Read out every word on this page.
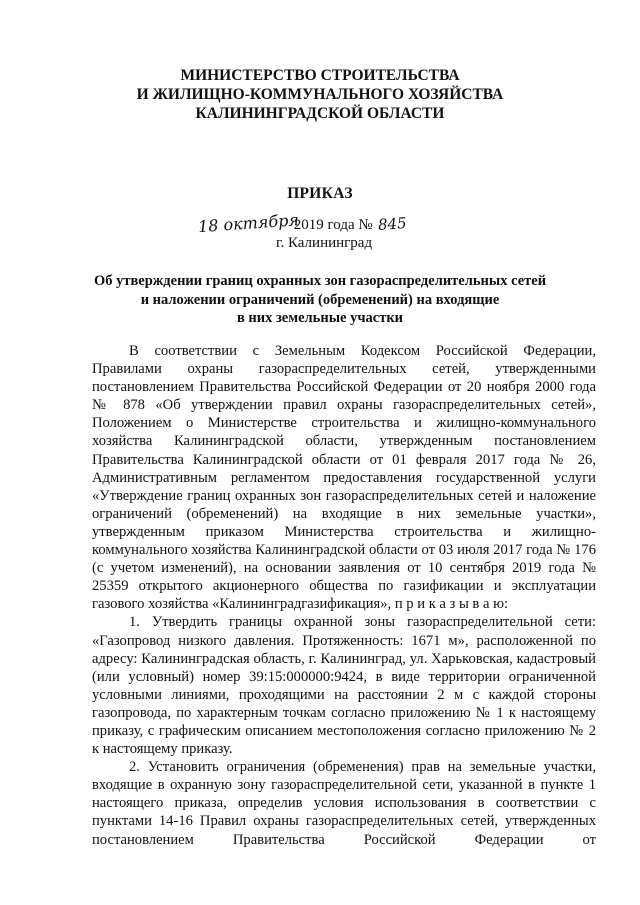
МИНИСТЕРСТВО СТРОИТЕЛЬСТВА
И ЖИЛИЩНО-КОММУНАЛЬНОГО ХОЗЯЙСТВА
КАЛИНИНГРАДСКОЙ ОБЛАСТИ
ПРИКАЗ
18 октября 2019 года № 845
г. Калининград
Об утверждении границ охранных зон газораспределительных сетей
и наложении ограничений (обременений) на входящие
в них земельные участки

В соответствии с Земельным Кодексом Российской Федерации, Правилами охраны газораспределительных сетей, утвержденными постановлением Правительства Российской Федерации от 20 ноября 2000 года № 878 «Об утверждении правил охраны газораспределительных сетей», Положением о Министерстве строительства и жилищно-коммунального хозяйства Калининградской области, утвержденным постановлением Правительства Калининградской области от 01 февраля 2017 года № 26, Административным регламентом предоставления государственной услуги «Утверждение границ охранных зон газораспределительных сетей и наложение ограничений (обременений) на входящие в них земельные участки», утвержденным приказом Министерства строительства и жилищно-коммунального хозяйства Калининградской области от 03 июля 2017 года № 176 (с учетом изменений), на основании заявления от 10 сентября 2019 года № 25359 открытого акционерного общества по газификации и эксплуатации газового хозяйства «Калининградгазификация», п р и к а з ы в а ю:

1. Утвердить границы охранной зоны газораспределительной сети: «Газопровод низкого давления. Протяженность: 1671 м», расположенной по адресу: Калининградская область, г. Калининград, ул. Харьковская, кадастровый (или условный) номер 39:15:000000:9424, в виде территории ограниченной условными линиями, проходящими на расстоянии 2 м с каждой стороны газопровода, по характерным точкам согласно приложению № 1 к настоящему приказу, с графическим описанием местоположения согласно приложению № 2 к настоящему приказу.

2. Установить ограничения (обременения) прав на земельные участки, входящие в охранную зону газораспределительной сети, указанной в пункте 1 настоящего приказа, определив условия использования в соответствии с пунктами 14-16 Правил охраны газораспределительных сетей, утвержденных постановлением Правительства Российской Федерации от
